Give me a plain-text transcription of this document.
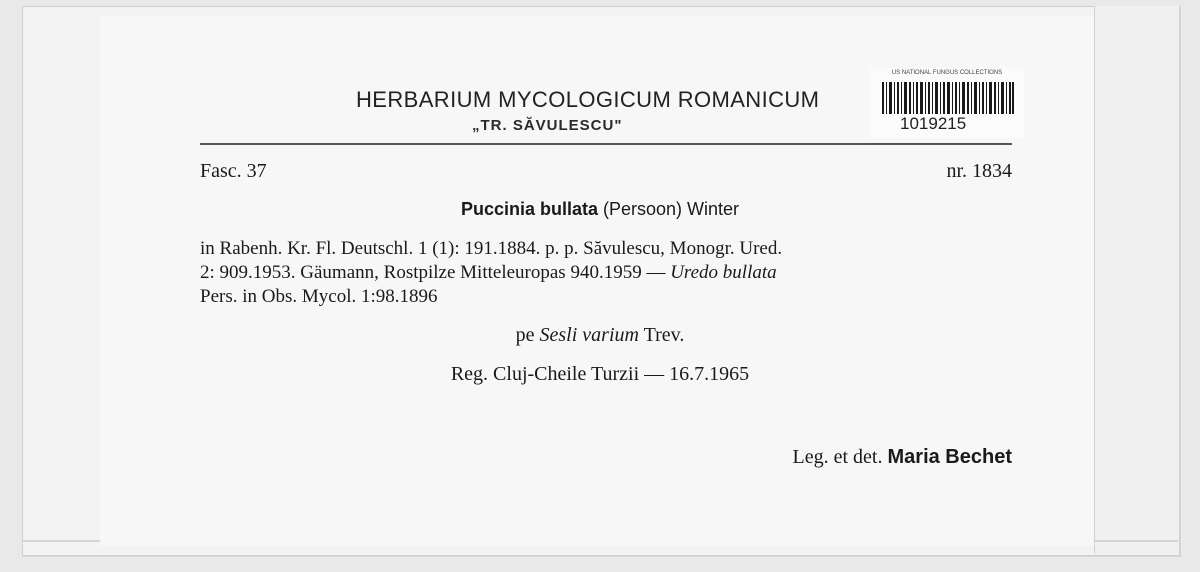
HERBARIUM MYCOLOGICUM ROMANICUM
„TR. SĂVULESCU"
US NATIONAL FUNGUS COLLECTIONS
1019215
Fasc. 37	nr. 1834
Puccinia bullata (Persoon) Winter
in Rabenh. Kr. Fl. Deutschl. 1 (1): 191.1884. p. p. Săvulescu, Monogr. Ured.
2: 909.1953. Gäumann, Rostpilze Mitteleuropas 940.1959 — Uredo bullata
Pers. in Obs. Mycol. 1:98.1896
pe Sesli varium Trev.
Reg. Cluj-Cheile Turzii — 16.7.1965
Leg. et det. Maria Bechet
